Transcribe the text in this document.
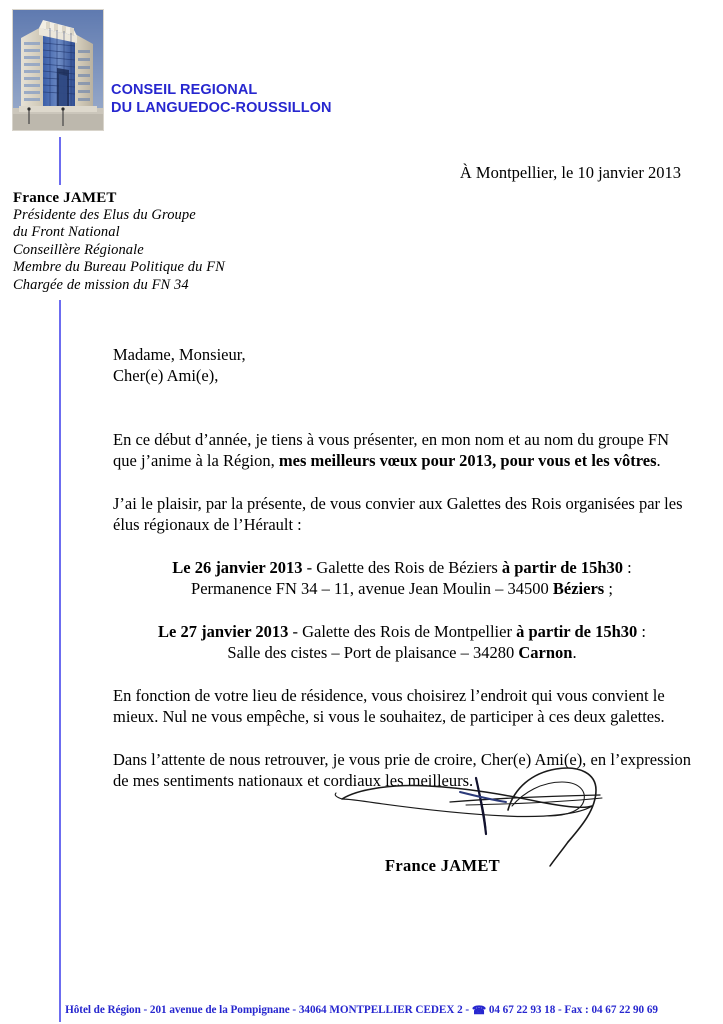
CONSEIL REGIONAL
DU LANGUEDOC-ROUSSILLON
À Montpellier, le 10 janvier 2013
France JAMET
Présidente des Elus du Groupe
du Front National
Conseillère Régionale
Membre du Bureau Politique du FN
Chargée de mission du FN 34
Madame, Monsieur,
Cher(e) Ami(e),

En ce début d’année, je tiens à vous présenter, en mon nom et au nom du groupe FN que j’anime à la Région, mes meilleurs vœux pour 2013, pour vous et les vôtres.

J’ai le plaisir, par la présente, de vous convier aux Galettes des Rois organisées par les élus régionaux de l’Hérault :

Le 26 janvier 2013 - Galette des Rois de Béziers à partir de 15h30 :
Permanence FN 34 – 11, avenue Jean Moulin – 34500 Béziers ;
Le 27 janvier 2013 - Galette des Rois de Montpellier à partir de 15h30 :
Salle des cistes – Port de plaisance – 34280 Carnon.

En fonction de votre lieu de résidence, vous choisirez l’endroit qui vous convient le mieux. Nul ne vous empêche, si vous le souhaitez, de participer à ces deux galettes.

Dans l’attente de nous retrouver, je vous prie de croire, Cher(e) Ami(e), en l’expression de mes sentiments nationaux et cordiaux les meilleurs.

France JAMET
Hôtel de Région - 201 avenue de la Pompignane - 34064 MONTPELLIER CEDEX 2 - ☎ 04 67 22 93 18 - Fax : 04 67 22 90 69
